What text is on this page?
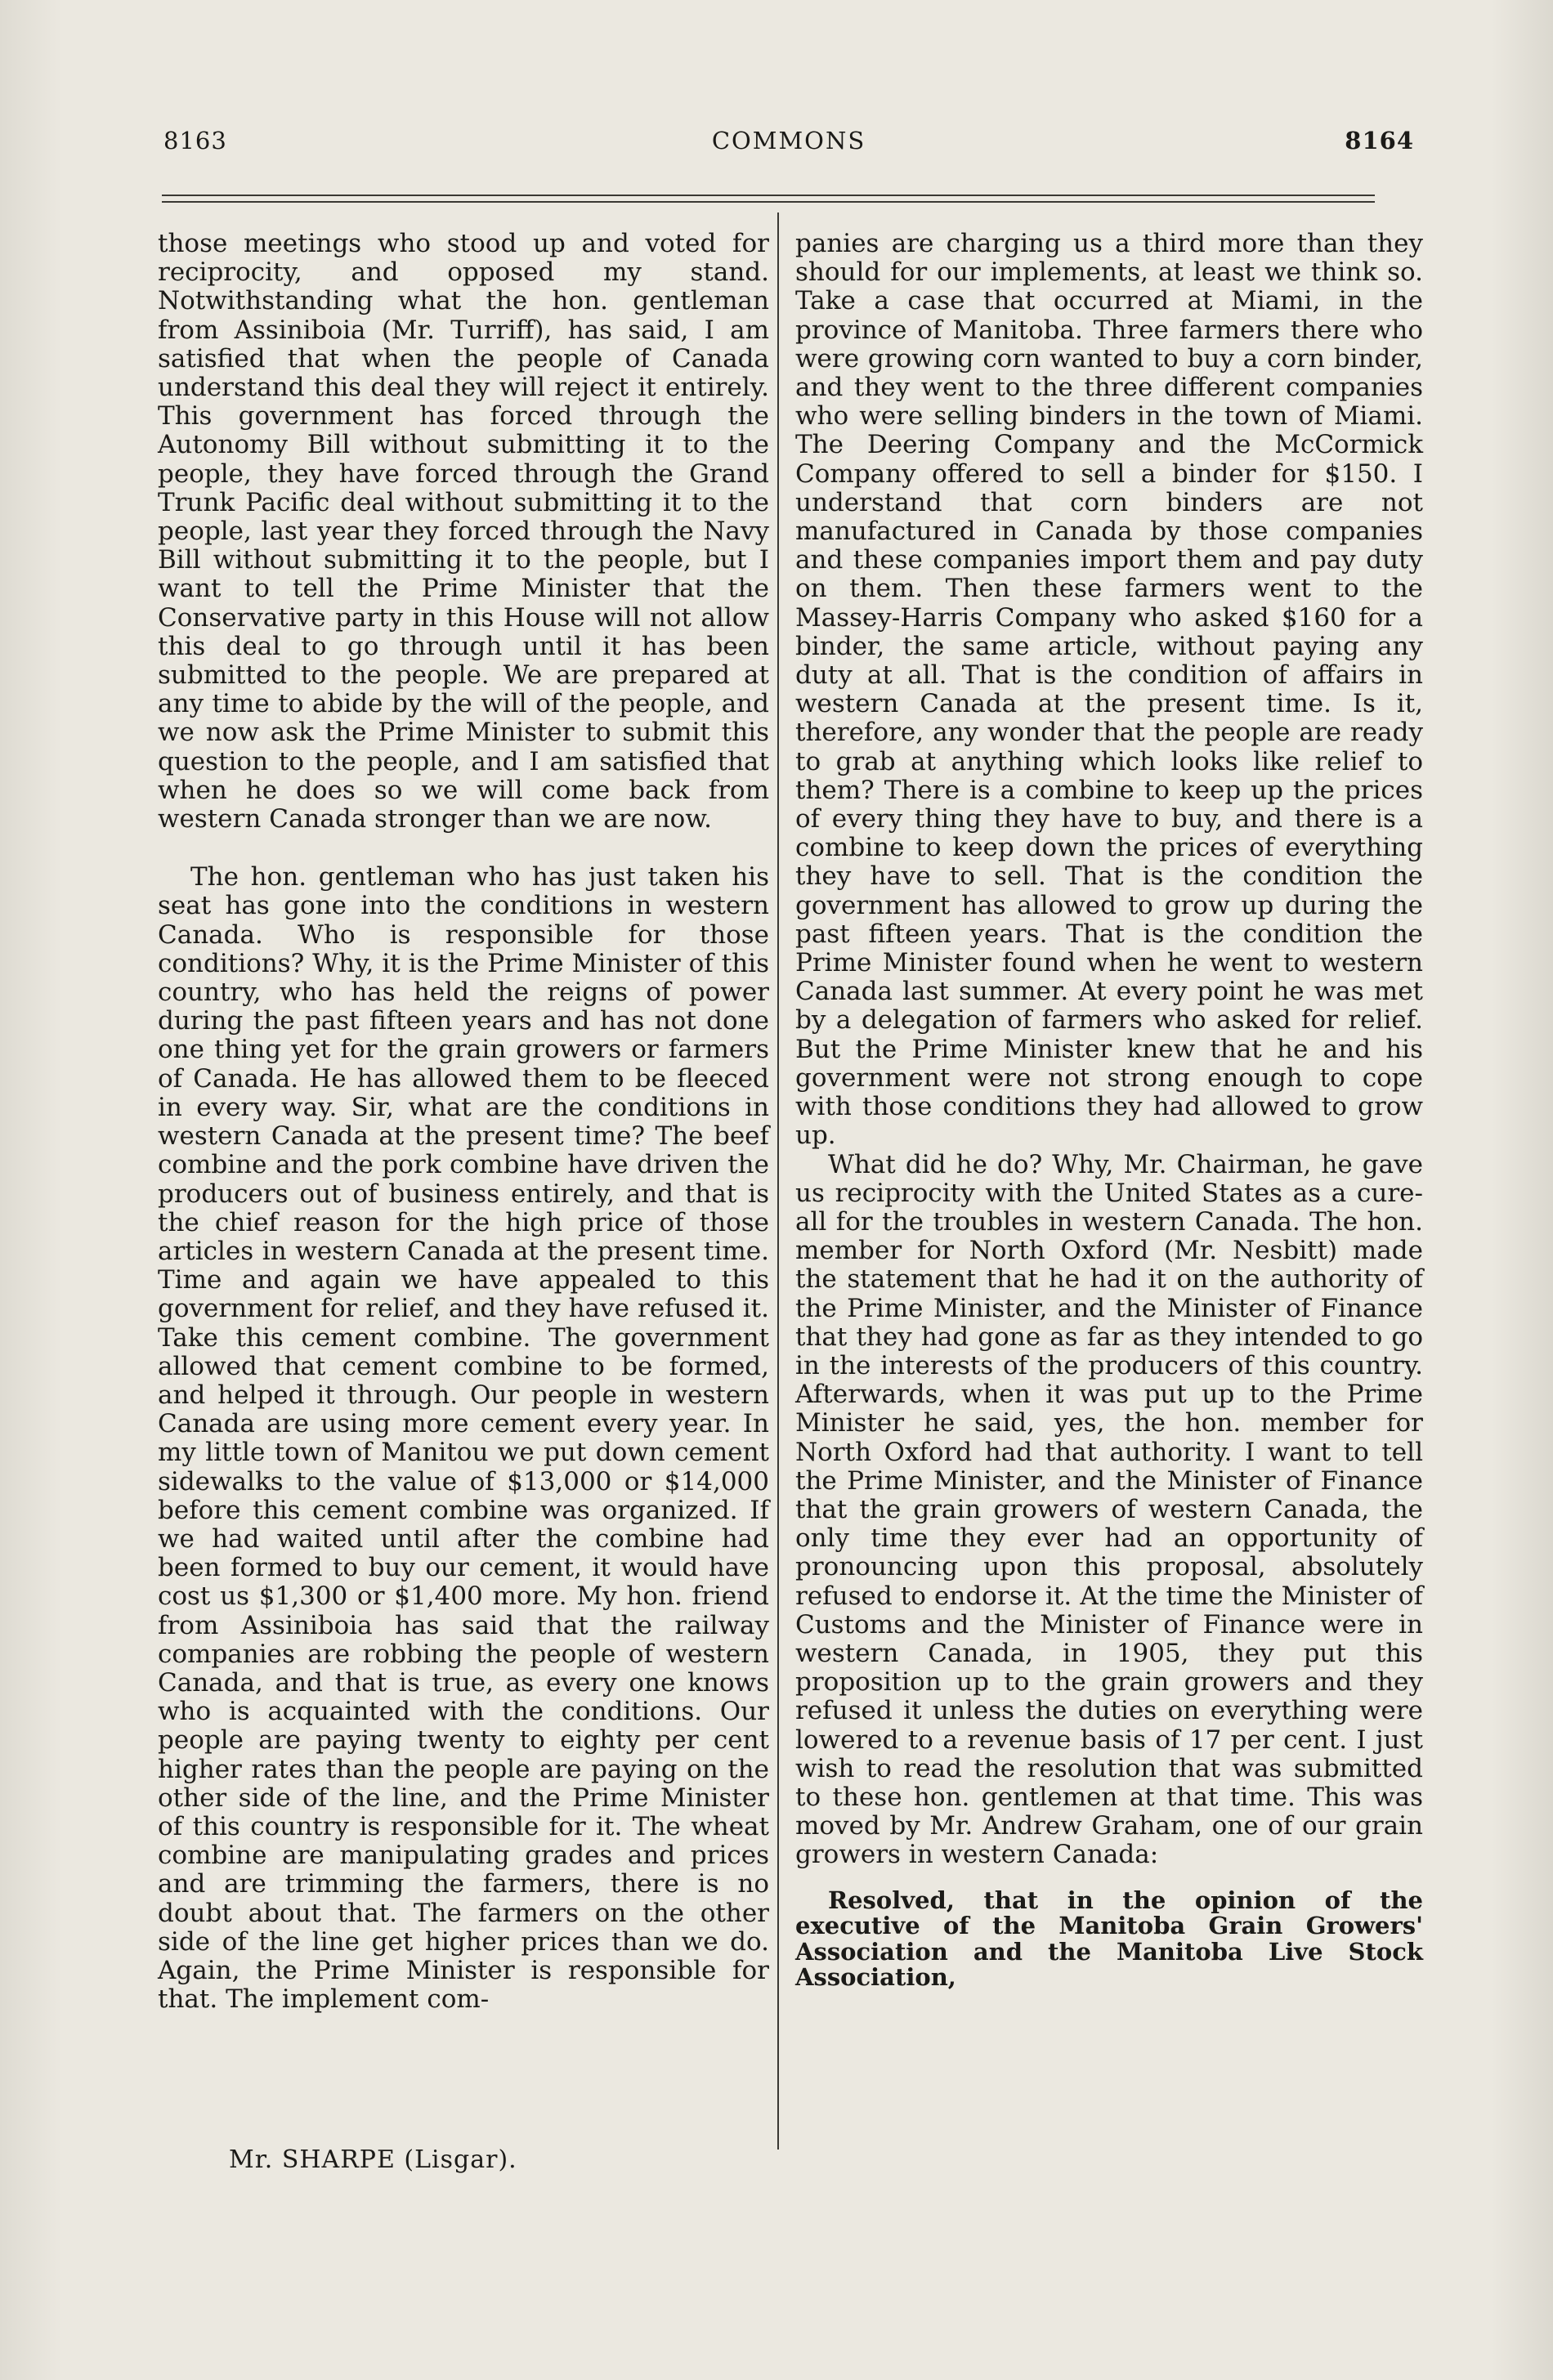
8163	COMMONS	8164

those meetings who stood up and voted for reciprocity, and opposed my stand. Notwithstanding what the hon. gentleman from Assiniboia (Mr. Turriff), has said, I am satisfied that when the people of Canada understand this deal they will reject it entirely. This government has forced through the Autonomy Bill without submitting it to the people, they have forced through the Grand Trunk Pacific deal without submitting it to the people, last year they forced through the Navy Bill without submitting it to the people, but I want to tell the Prime Minister that the Conservative party in this House will not allow this deal to go through until it has been submitted to the people. We are prepared at any time to abide by the will of the people, and we now ask the Prime Minister to submit this question to the people, and I am satisfied that when he does so we will come back from western Canada stronger than we are now.

The hon. gentleman who has just taken his seat has gone into the conditions in western Canada. Who is responsible for those conditions? Why, it is the Prime Minister of this country, who has held the reigns of power during the past fifteen years and has not done one thing yet for the grain growers or farmers of Canada. He has allowed them to be fleeced in every way. Sir, what are the conditions in western Canada at the present time? The beef combine and the pork combine have driven the producers out of business entirely, and that is the chief reason for the high price of those articles in western Canada at the present time. Time and again we have appealed to this government for relief, and they have refused it. Take this cement combine. The government allowed that cement combine to be formed, and helped it through. Our people in western Canada are using more cement every year. In my little town of Manitou we put down cement sidewalks to the value of $13,000 or $14,000 before this cement combine was organized. If we had waited until after the combine had been formed to buy our cement, it would have cost us $1,300 or $1,400 more. My hon. friend from Assiniboia has said that the railway companies are robbing the people of western Canada, and that is true, as every one knows who is acquainted with the conditions. Our people are paying twenty to eighty per cent higher rates than the people are paying on the other side of the line, and the Prime Minister of this country is responsible for it. The wheat combine are manipulating grades and prices and are trimming the farmers, there is no doubt about that. The farmers on the other side of the line get higher prices than we do. Again, the Prime Minister is responsible for that. The implement com-

panies are charging us a third more than they should for our implements, at least we think so. Take a case that occurred at Miami, in the province of Manitoba. Three farmers there who were growing corn wanted to buy a corn binder, and they went to the three different companies who were selling binders in the town of Miami. The Deering Company and the McCormick Company offered to sell a binder for $150. I understand that corn binders are not manufactured in Canada by those companies and these companies import them and pay duty on them. Then these farmers went to the Massey-Harris Company who asked $160 for a binder, the same article, without paying any duty at all. That is the condition of affairs in western Canada at the present time. Is it, therefore, any wonder that the people are ready to grab at anything which looks like relief to them? There is a combine to keep up the prices of every thing they have to buy, and there is a combine to keep down the prices of everything they have to sell. That is the condition the government has allowed to grow up during the past fifteen years. That is the condition the Prime Minister found when he went to western Canada last summer. At every point he was met by a delegation of farmers who asked for relief. But the Prime Minister knew that he and his government were not strong enough to cope with those conditions they had allowed to grow up.

What did he do? Why, Mr. Chairman, he gave us reciprocity with the United States as a cure-all for the troubles in western Canada. The hon. member for North Oxford (Mr. Nesbitt) made the statement that he had it on the authority of the Prime Minister, and the Minister of Finance that they had gone as far as they intended to go in the interests of the producers of this country. Afterwards, when it was put up to the Prime Minister he said, yes, the hon. member for North Oxford had that authority. I want to tell the Prime Minister, and the Minister of Finance that the grain growers of western Canada, the only time they ever had an opportunity of pronouncing upon this proposal, absolutely refused to endorse it. At the time the Minister of Customs and the Minister of Finance were in western Canada, in 1905, they put this proposition up to the grain growers and they refused it unless the duties on everything were lowered to a revenue basis of 17 per cent. I just wish to read the resolution that was submitted to these hon. gentlemen at that time. This was moved by Mr. Andrew Graham, one of our grain growers in western Canada:

Resolved, that in the opinion of the executive of the Manitoba Grain Growers' Association and the Manitoba Live Stock Association,

Mr. SHARPE (Lisgar).
